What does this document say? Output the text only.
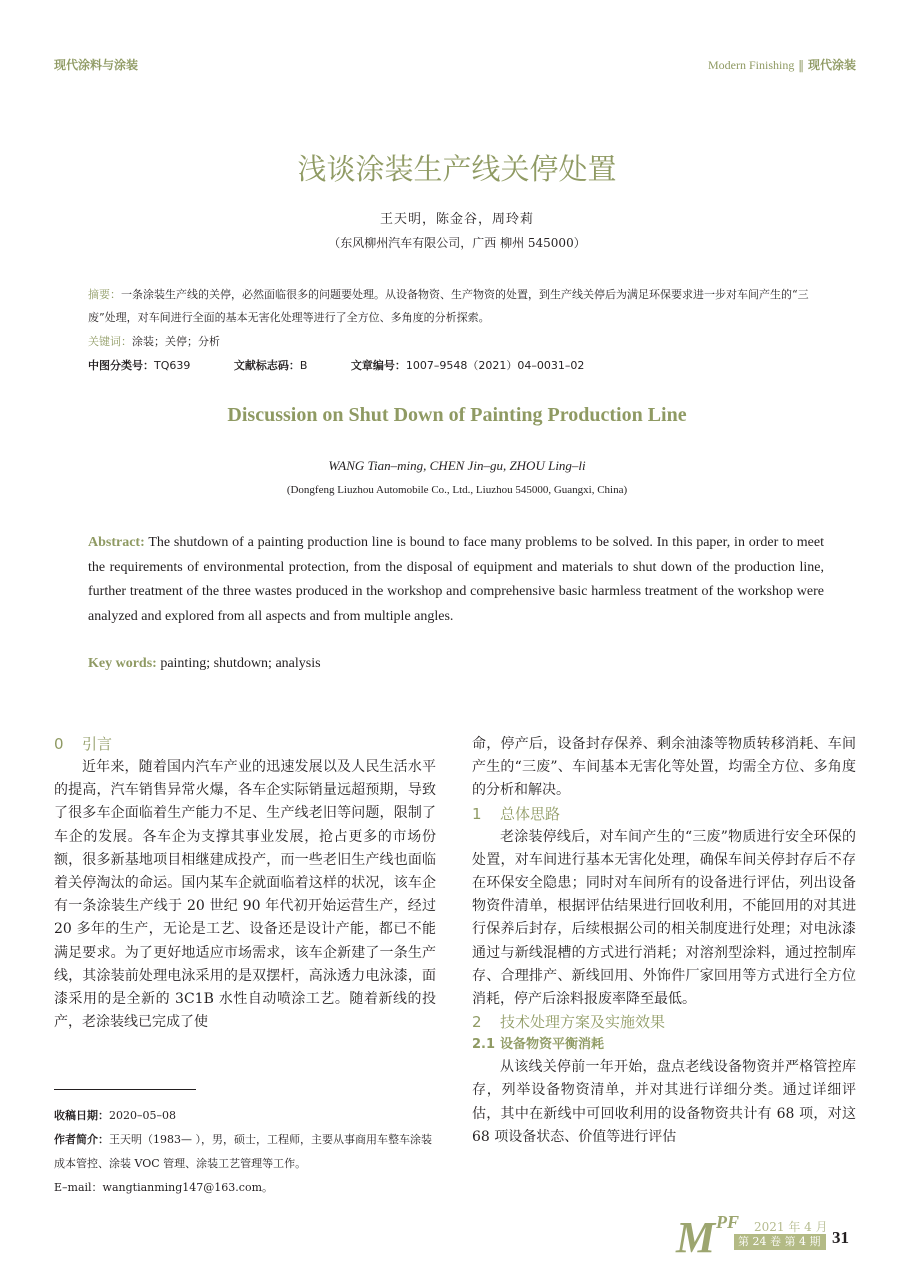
现代涂料与涂装	Modern Finishing ‖ 现代涂装
浅谈涂装生产线关停处置
王天明，陈金谷，周玲莉
（东风柳州汽车有限公司，广西 柳州 545000）
摘要：一条涂装生产线的关停，必然面临很多的问题要处理。从设备物资、生产物资的处置，到生产线关停后为满足环保要求进一步对车间产生的“三废”处理，对车间进行全面的基本无害化处理等进行了全方位、多角度的分析探索。
关键词：涂装；关停；分析
中图分类号：TQ639	文献标志码：B	文章编号：1007–9548（2021）04–0031–02
Discussion on Shut Down of Painting Production Line
WANG Tian–ming, CHEN Jin–gu, ZHOU Ling–li
(Dongfeng Liuzhou Automobile Co., Ltd., Liuzhou 545000, Guangxi, China)
Abstract: The shutdown of a painting production line is bound to face many problems to be solved. In this paper, in order to meet the requirements of environmental protection, from the disposal of equipment and materials to shut down of the production line, further treatment of the three wastes produced in the workshop and comprehensive basic harmless treatment of the workshop were analyzed and explored from all aspects and from multiple angles.
Key words: painting; shutdown; analysis
0 引言

近年来，随着国内汽车产业的迅速发展以及人民生活水平的提高，汽车销售异常火爆，各车企实际销量远超预期，导致了很多车企面临着生产能力不足、生产线老旧等问题，限制了车企的发展。各车企为支撑其事业发展，抢占更多的市场份额，很多新基地项目相继建成投产，而一些老旧生产线也面临着关停淘汰的命运。国内某车企就面临着这样的状况，该车企有一条涂装生产线于 20 世纪 90 年代初开始运营生产，经过 20 多年的生产，无论是工艺、设备还是设计产能，都已不能满足要求。为了更好地适应市场需求，该车企新建了一条生产线，其涂装前处理电泳采用的是双摆杆，高泳透力电泳漆，面漆采用的是全新的 3C1B 水性自动喷涂工艺。随着新线的投产，老涂装线已完成了使

命，停产后，设备封存保养、剩余油漆等物质转移消耗、车间产生的“三废”、车间基本无害化等处置，均需全方位、多角度的分析和解决。

1 总体思路

老涂装停线后，对车间产生的“三废”物质进行安全环保的处置，对车间进行基本无害化处理，确保车间关停封存后不存在环保安全隐患；同时对车间所有的设备进行评估，列出设备物资件清单，根据评估结果进行回收利用，不能回用的对其进行保养后封存，后续根据公司的相关制度进行处理；对电泳漆通过与新线混槽的方式进行消耗；对溶剂型涂料，通过控制库存、合理排产、新线回用、外饰件厂家回用等方式进行全方位消耗，停产后涂料报废率降至最低。

2 技术处理方案及实施效果
2.1 设备物资平衡消耗

从该线关停前一年开始，盘点老线设备物资并严格管控库存，列举设备物资清单，并对其进行详细分类。通过详细评估，其中在新线中可回收利用的设备物资共计有 68 项，对这 68 项设备状态、价值等进行评估

收稿日期：2020–05–08
作者简介：王天明（1983— ），男，硕士，工程师，主要从事商用车整车涂装成本管控、涂装 VOC 管理、涂装工艺管理等工作。
E–mail：wangtianming147@163.com。
M PF 2021 年 4 月
第 24 卷 第 4 期 31
